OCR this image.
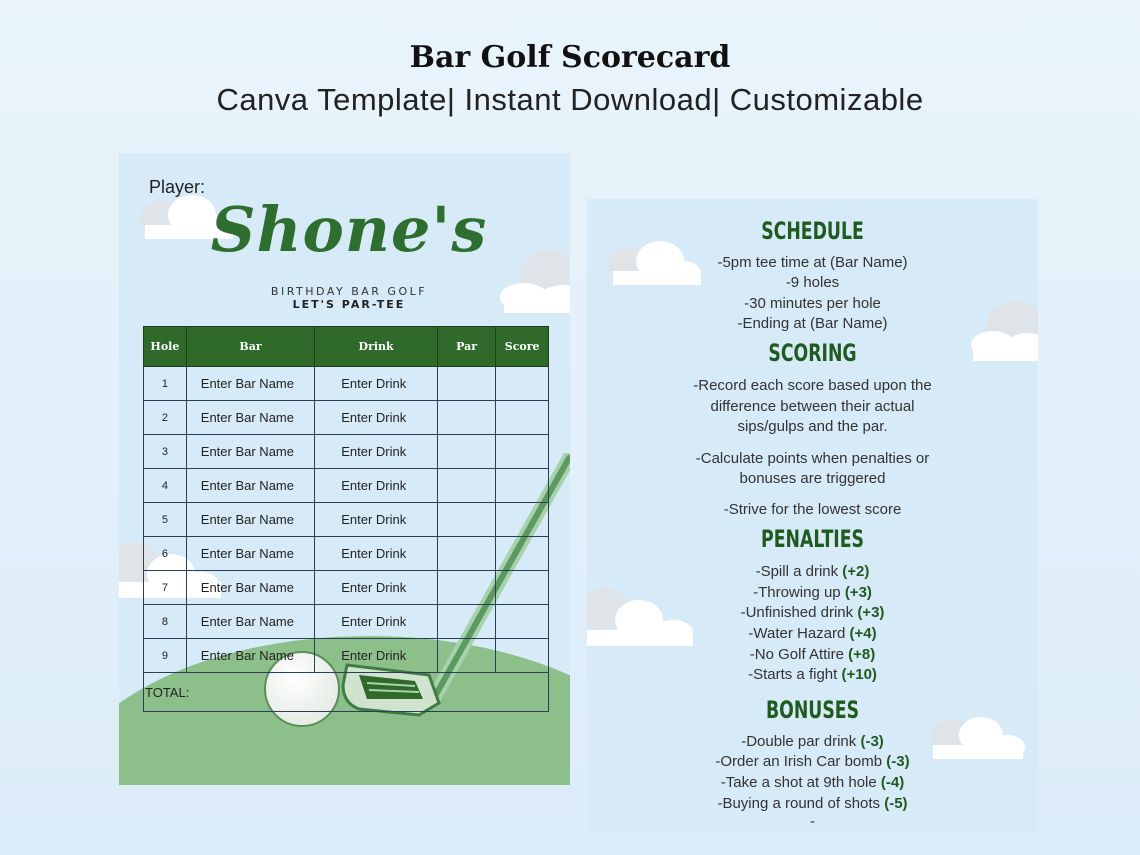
Bar Golf Scorecard
Canva Template| Instant Download| Customizable
Player:
Shone's
BIRTHDAY BAR GOLF
LET'S PAR-TEE
Hole	Bar	Drink	Par	Score
1	Enter Bar Name	Enter Drink		
2	Enter Bar Name	Enter Drink		
3	Enter Bar Name	Enter Drink		
4	Enter Bar Name	Enter Drink		
5	Enter Bar Name	Enter Drink		
6	Enter Bar Name	Enter Drink		
7	Enter Bar Name	Enter Drink		
8	Enter Bar Name	Enter Drink		
9	Enter Bar Name	Enter Drink		
TOTAL:				
SCHEDULE
-5pm tee time at (Bar Name)
-9 holes
-30 minutes per hole
-Ending at (Bar Name)
SCORING
-Record each score based upon the
difference between their actual
sips/gulps and the par.
-Calculate points when penalties or
bonuses are triggered
-Strive for the lowest score
PENALTIES
-Spill a drink (+2)
-Throwing up (+3)
-Unfinished drink (+3)
-Water Hazard (+4)
-No Golf Attire (+8)
-Starts a fight (+10)
BONUSES
-Double par drink (-3)
-Order an Irish Car bomb (-3)
-Take a shot at 9th hole (-4)
-Buying a round of shots (-5)
-
